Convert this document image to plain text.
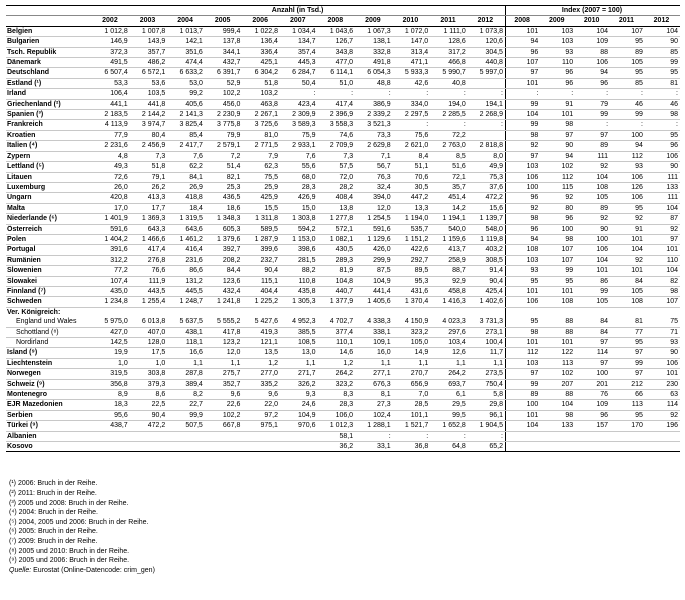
	Anzahl (in Tsd.)											Index (2007 = 100)				
	2002	2003	2004	2005	2006	2007	2008	2009	2010	2011	2012	2008	2009	2010	2011	2012
Belgien	1 012,8	1 007,8	1 013,7	999,4	1 022,8	1 034,4	1 043,6	1 067,3	1 072,0	1 111,0	1 073,8	101	103	104	107	104
Bulgarien	146,9	143,9	142,1	137,8	136,4	134,7	126,7	138,1	147,0	128,6	120,6	94	103	109	95	90
Tsch. Republik	372,3	357,7	351,6	344,1	336,4	357,4	343,8	332,8	313,4	317,2	304,5	96	93	88	89	85
Dänemark	491,5	486,2	474,4	432,7	425,1	445,3	477,0	491,8	471,1	466,8	440,8	107	110	106	105	99
Deutschland	6 507,4	6 572,1	6 633,2	6 391,7	6 304,2	6 284,7	6 114,1	6 054,3	5 933,3	5 990,7	5 997,0	97	96	94	95	95
Estland (¹)	53,3	53,6	53,0	52,9	51,8	50,4	51,0	48,8	42,6	40,8		101	96	96	85	81
Irland	106,4	103,5	99,2	102,2	103,2	:	:	:	:	:	:	:	:	:	:	:
Griechenland (²)	441,1	441,8	405,6	456,0	463,8	423,4	417,4	386,9	334,0	194,0	194,1	99	91	79	46	46
Spanien (³)	2 183,5	2 144,2	2 141,3	2 230,9	2 267,1	2 309,9	2 396,9	2 339,2	2 297,5	2 285,5	2 268,9	104	101	99	99	98
Frankreich	4 113,9	3 974,7	3 825,4	3 775,8	3 725,6	3 589,3	3 558,3	3 521,3	:	:	:	99	98	:	:	:
Kroatien	77,9	80,4	85,4	79,9	81,0	75,9	74,6	73,3	75,6	72,2		98	97	97	100	95
Italien (⁴)	2 231,6	2 456,9	2 417,7	2 579,1	2 771,5	2 933,1	2 709,9	2 629,8	2 621,0	2 763,0	2 818,8	92	90	89	94	96
Zypern	4,8	7,3	7,6	7,2	7,9	7,6	7,3	7,1	8,4	8,5	8,0	97	94	111	112	106
Lettland (⁵)	49,3	51,8	62,2	51,4	62,3	55,6	57,5	56,7	51,1	51,6	49,9	103	102	92	93	90
Litauen	72,6	79,1	84,1	82,1	75,5	68,0	72,0	76,3	70,6	72,1	75,3	106	112	104	106	111
Luxemburg	26,0	26,2	26,9	25,3	25,9	28,3	28,2	32,4	30,5	35,7	37,6	100	115	108	126	133
Ungarn	420,8	413,3	418,8	436,5	425,9	426,9	408,4	394,0	447,2	451,4	472,2	96	92	105	106	111
Malta	17,0	17,7	18,4	18,6	15,5	15,0	13,8	12,0	13,3	14,2	15,6	92	80	89	95	104
Niederlande (⁶)	1 401,9	1 369,3	1 319,5	1 348,3	1 311,8	1 303,8	1 277,8	1 254,5	1 194,0	1 194,1	1 139,7	98	96	92	92	87
Österreich	591,6	643,3	643,6	605,3	589,5	594,2	572,1	591,6	535,7	540,0	548,0	96	100	90	91	92
Polen	1 404,2	1 466,6	1 461,2	1 379,6	1 287,9	1 153,0	1 082,1	1 129,6	1 151,2	1 159,6	1 119,8	94	98	100	101	97
Portugal	391,6	417,4	416,4	392,7	399,6	398,6	430,5	426,0	422,6	413,7	403,2	108	107	106	104	101
Rumänien	312,2	276,8	231,6	208,2	232,7	281,5	289,3	299,9	292,7	258,9	308,5	103	107	104	92	110
Slowenien	77,2	76,6	86,6	84,4	90,4	88,2	81,9	87,5	89,5	88,7	91,4	93	99	101	101	104
Slowakei	107,4	111,9	131,2	123,6	115,1	110,8	104,8	104,9	95,3	92,9	90,4	95	95	86	84	82
Finnland (⁷)	435,0	443,5	445,5	432,4	404,4	435,8	440,7	441,4	431,6	458,8	425,4	101	101	99	105	98
Schweden	1 234,8	1 255,4	1 248,7	1 241,8	1 225,2	1 305,3	1 377,9	1 405,6	1 370,4	1 416,3	1 402,6	106	108	105	108	107
Ver. Königreich:																
England und Wales	5 975,0	6 013,8	5 637,5	5 555,2	5 427,6	4 952,3	4 702,7	4 338,3	4 150,9	4 023,3	3 731,3	95	88	84	81	75
Schottland (⁸)	427,0	407,0	438,1	417,8	419,3	385,5	377,4	338,1	323,2	297,6	273,1	98	88	84	77	71
Nordirland	142,5	128,0	118,1	123,2	121,1	108,5	110,1	109,1	105,0	103,4	100,4	101	101	97	95	93
Island (⁹)	19,9	17,5	16,6	12,0	13,5	13,0	14,6	16,0	14,9	12,6	11,7	112	122	114	97	90
Liechtenstein	1,0	1,0	1,1	1,1	1,2	1,1	1,2	1,1	1,1	1,1	1,1	103	113	97	99	106
Norwegen	319,5	303,8	287,8	275,7	277,0	271,7	264,2	277,1	270,7	264,2	273,5	97	102	100	97	101
Schweiz (⁹)	356,8	379,3	389,4	352,7	335,2	326,2	323,2	676,3	656,9	693,7	750,4	99	207	201	212	230
Montenegro	8,9	8,6	8,2	9,6	9,6	9,3	8,3	8,1	7,0	6,1	5,8	89	88	76	66	63
EJR Mazedonien	18,3	22,5	22,7	22,6	22,0	24,6	28,3	27,3	28,5	29,5	29,8	100	104	109	113	114
Serbien	95,6	90,4	99,9	102,2	97,2	104,9	106,0	102,4	101,1	99,5	96,1	101	98	96	95	92
Türkei (⁹)	438,7	472,2	507,5	667,8	975,1	970,6	1 012,3	1 288,1	1 521,7	1 652,8	1 904,5	104	133	157	170	196
Albanien							58,1	:	:	:	:					
Kosovo							36,2	33,1	36,8	64,8	65,2					
(¹) 2006: Bruch in der Reihe.
(²) 2011: Bruch in der Reihe.
(³) 2005 und 2008: Bruch in der Reihe.
(⁴) 2004: Bruch in der Reihe.
(⁵) 2004, 2005 und 2006: Bruch in der Reihe.
(⁶) 2005: Bruch in der Reihe.
(⁷) 2009: Bruch in der Reihe.
(⁸) 2005 und 2010: Bruch in der Reihe.
(⁹) 2005 und 2006: Bruch in der Reihe.
Quelle: Eurostat (Online-Datencode: crim_gen)
